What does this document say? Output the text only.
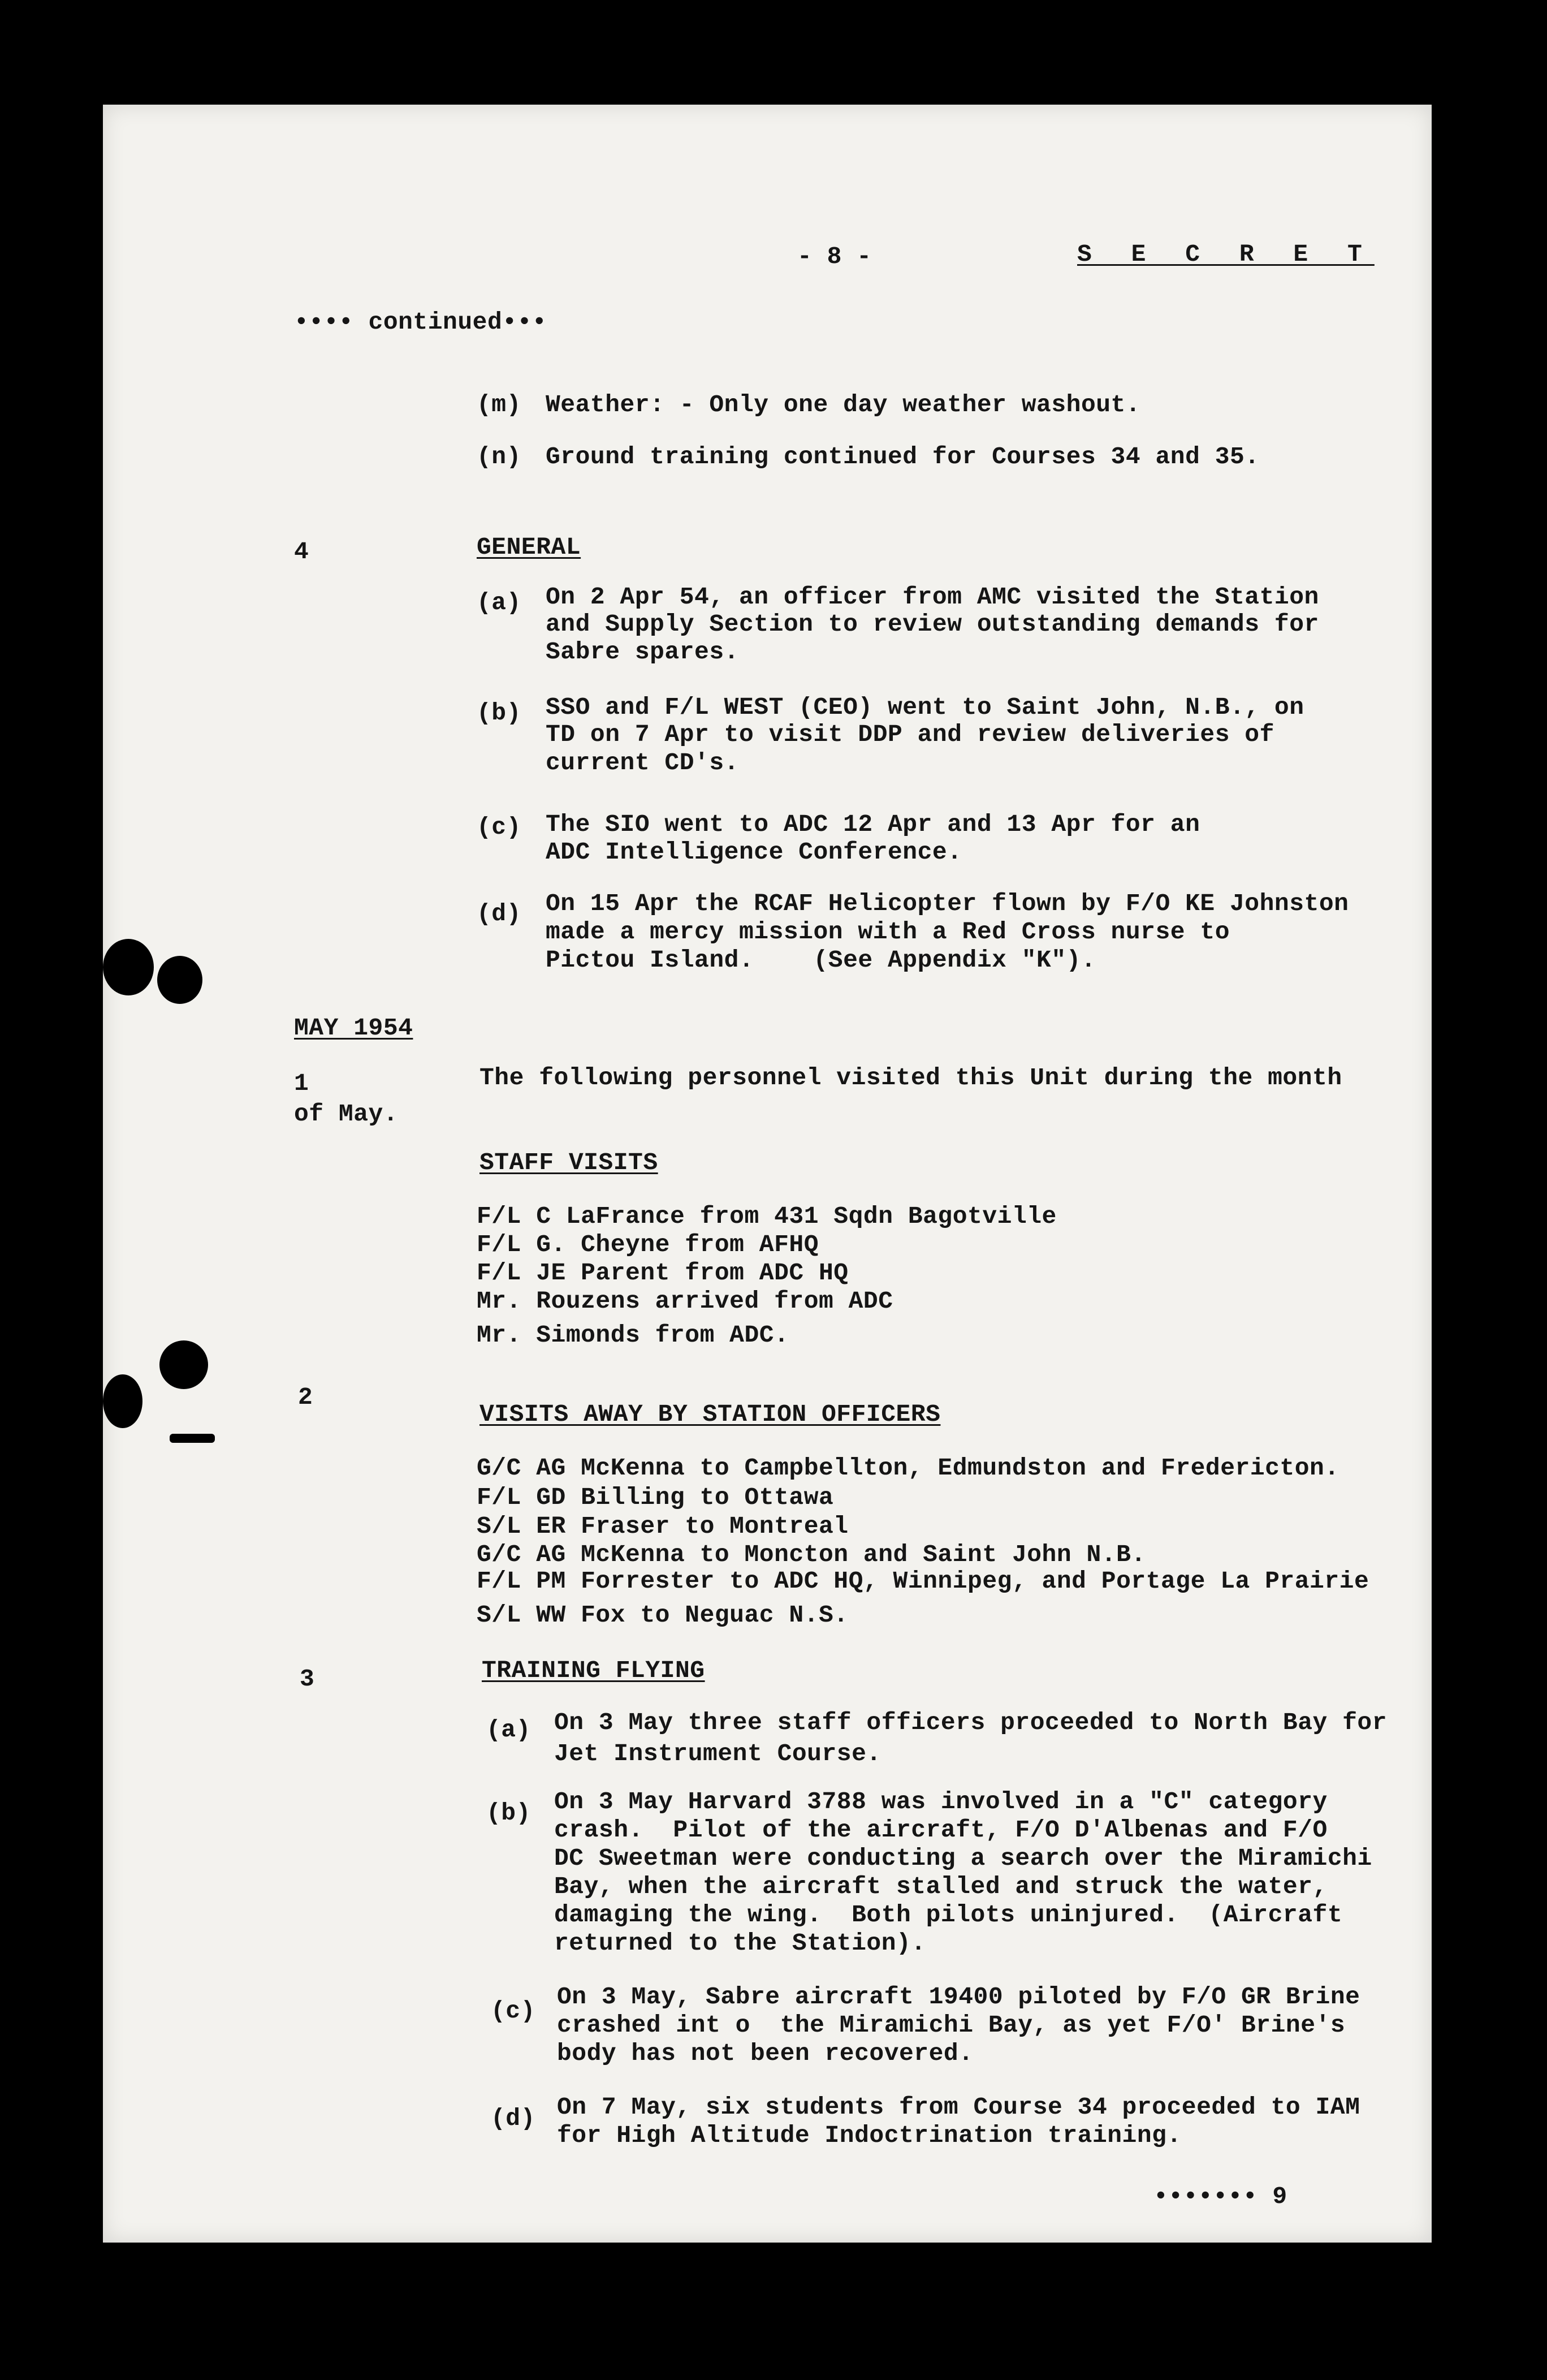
- 8 -	S E C R E T
•••• continued•••
(m) Weather: - Only one day weather washout.
(n) Ground training continued for Courses 34 and 35.
4	GENERAL
(a) On 2 Apr 54, an officer from AMC visited the Station
and Supply Section to review outstanding demands for
Sabre spares.
(b) SSO and F/L WEST (CEO) went to Saint John, N.B., on
TD on 7 Apr to visit DDP and review deliveries of
current CD's.
(c) The SIO went to ADC 12 Apr and 13 Apr for an
ADC Intelligence Conference.
(d) On 15 Apr the RCAF Helicopter flown by F/O KE Johnston
made a mercy mission with a Red Cross nurse to
Pictou Island.    (See Appendix "K").
MAY 1954
1	The following personnel visited this Unit during the month
of May.
STAFF VISITS
F/L C LaFrance from 431 Sqdn Bagotville
F/L G. Cheyne from AFHQ
F/L JE Parent from ADC HQ
Mr. Rouzens arrived from ADC
Mr. Simonds from ADC.
2
VISITS AWAY BY STATION OFFICERS
G/C AG McKenna to Campbellton, Edmundston and Fredericton.
F/L GD Billing to Ottawa
S/L ER Fraser to Montreal
G/C AG McKenna to Moncton and Saint John N.B.
F/L PM Forrester to ADC HQ, Winnipeg, and Portage La Prairie
S/L WW Fox to Neguac N.S.
3	TRAINING FLYING
(a) On 3 May three staff officers proceeded to North Bay for
Jet Instrument Course.
(b) On 3 May Harvard 3788 was involved in a "C" category
crash.  Pilot of the aircraft, F/O D'Albenas and F/O
DC Sweetman were conducting a search over the Miramichi
Bay, when the aircraft stalled and struck the water,
damaging the wing.  Both pilots uninjured.  (Aircraft
returned to the Station).
(c)
On 3 May, Sabre aircraft 19400 piloted by F/O GR Brine
crashed int o  the Miramichi Bay, as yet F/O' Brine's
body has not been recovered.
(d) On 7 May, six students from Course 34 proceeded to IAM
for High Altitude Indoctrination training.
••••••• 9
